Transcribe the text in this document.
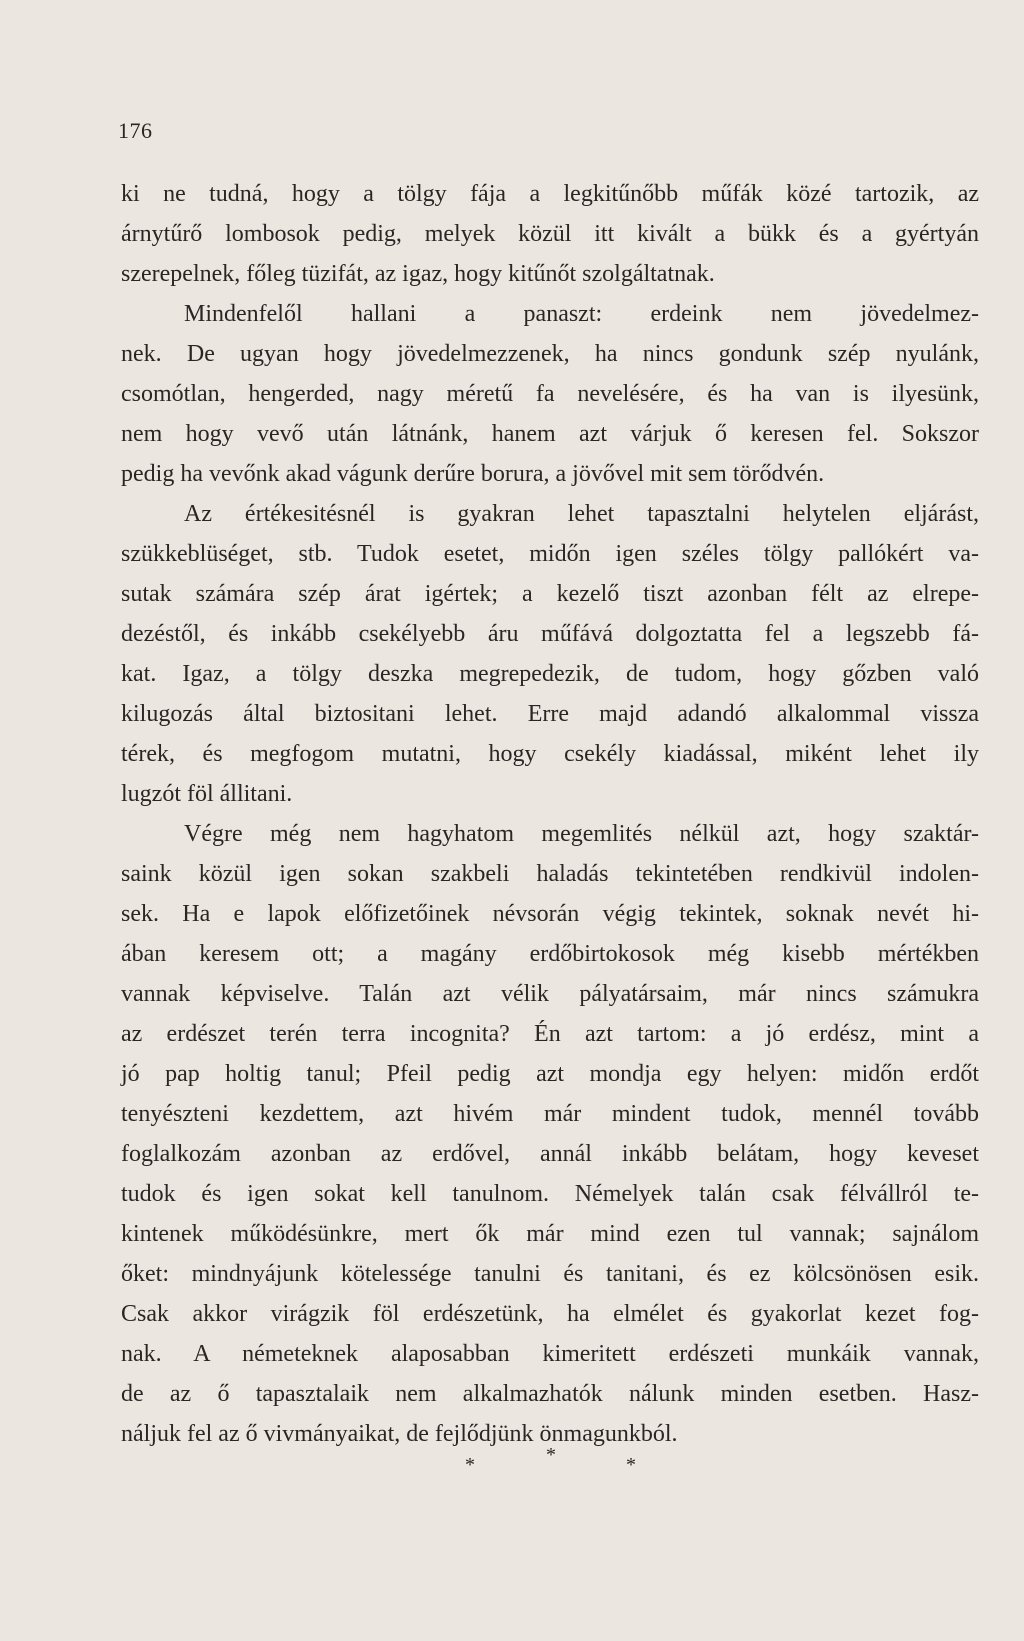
176
ki ne tudná, hogy a tölgy fája a legkitűnőbb műfák közé tartozik, az
árnytűrő lombosok pedig, melyek közül itt kivált a bükk és a gyértyán
szerepelnek, főleg tüzifát, az igaz, hogy kitűnőt szolgáltatnak.
Mindenfelől hallani a panaszt: erdeink nem jövedelmez-
nek. De ugyan hogy jövedelmezzenek, ha nincs gondunk szép nyulánk,
csomótlan, hengerded, nagy méretű fa nevelésére, és ha van is ilyesünk,
nem hogy vevő után látnánk, hanem azt várjuk ő keresen fel. Sokszor
pedig ha vevőnk akad vágunk derűre borura, a jövővel mit sem törődvén.
Az értékesitésnél is gyakran lehet tapasztalni helytelen eljárást,
szükkeblüséget, stb. Tudok esetet, midőn igen széles tölgy pallókért va-
sutak számára szép árat igértek; a kezelő tiszt azonban félt az elrepe-
dezéstől, és inkább csekélyebb áru műfává dolgoztatta fel a legszebb fá-
kat. Igaz, a tölgy deszka megrepedezik, de tudom, hogy gőzben való
kilugozás által biztositani lehet. Erre majd adandó alkalommal vissza
térek, és megfogom mutatni, hogy csekély kiadással, miként lehet ily
lugzót föl állitani.
Végre még nem hagyhatom megemlités nélkül azt, hogy szaktár-
saink közül igen sokan szakbeli haladás tekintetében rendkivül indolen-
sek. Ha e lapok előfizetőinek névsorán végig tekintek, soknak nevét hi-
ában keresem ott; a magány erdőbirtokosok még kisebb mértékben
vannak képviselve. Talán azt vélik pályatársaim, már nincs számukra
az erdészet terén terra incognita? Én azt tartom: a jó erdész, mint a
jó pap holtig tanul; Pfeil pedig azt mondja egy helyen: midőn erdőt
tenyészteni kezdettem, azt hivém már mindent tudok, mennél tovább
foglalkozám azonban az erdővel, annál inkább belátam, hogy keveset
tudok és igen sokat kell tanulnom. Némelyek talán csak félvállról te-
kintenek működésünkre, mert ők már mind ezen tul vannak; sajnálom
őket: mindnyájunk kötelessége tanulni és tanitani, és ez kölcsönösen esik.
Csak akkor virágzik föl erdészetünk, ha elmélet és gyakorlat kezet fog-
nak. A németeknek alaposabban kimeritett erdészeti munkáik vannak,
de az ő tapasztalaik nem alkalmazhatók nálunk minden esetben. Hasz-
náljuk fel az ő vivmányaikat, de fejlődjünk önmagunkból.
*	*	*
